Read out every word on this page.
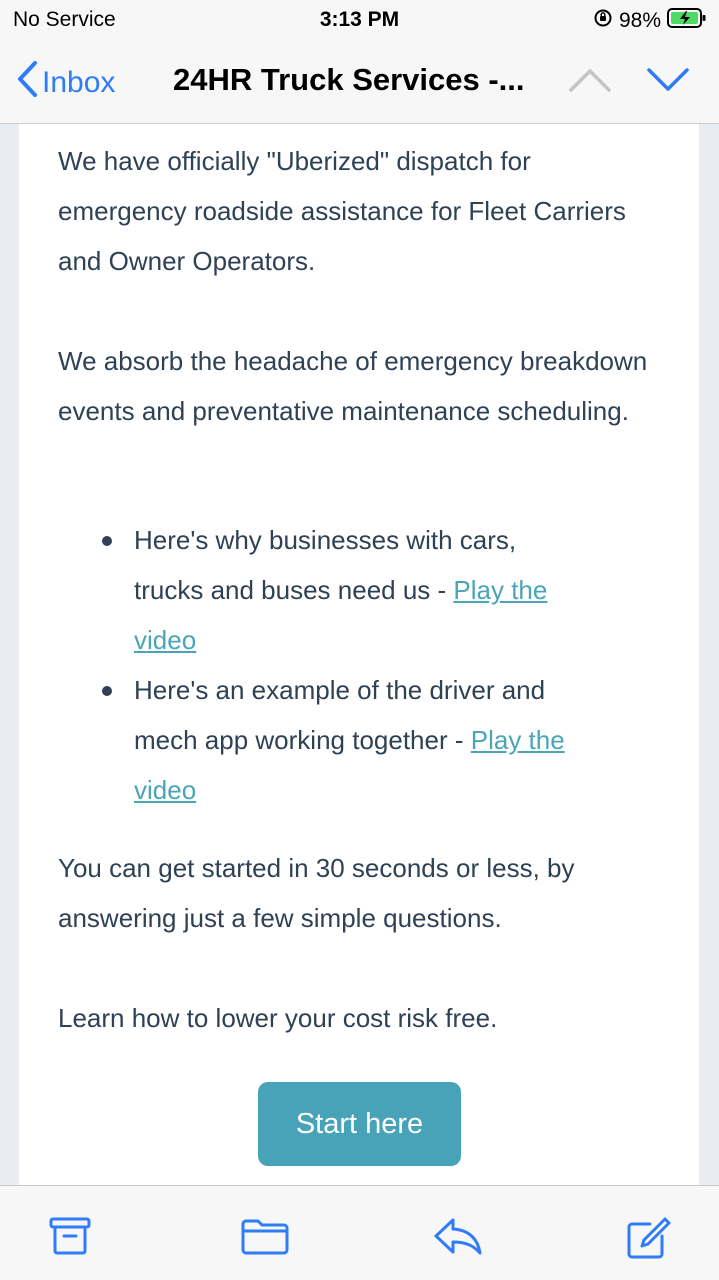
No Service	3:13 PM	98%
Inbox 24HR Truck Services -...

We have officially "Uberized" dispatch for emergency roadside assistance for Fleet Carriers and Owner Operators.

We absorb the headache of emergency breakdown events and preventative maintenance scheduling.

Here's why businesses with cars, trucks and buses need us - Play the video

Here's an example of the driver and mech app working together - Play the video

You can get started in 30 seconds or less, by answering just a few simple questions.

Learn how to lower your cost risk free.

Start here
